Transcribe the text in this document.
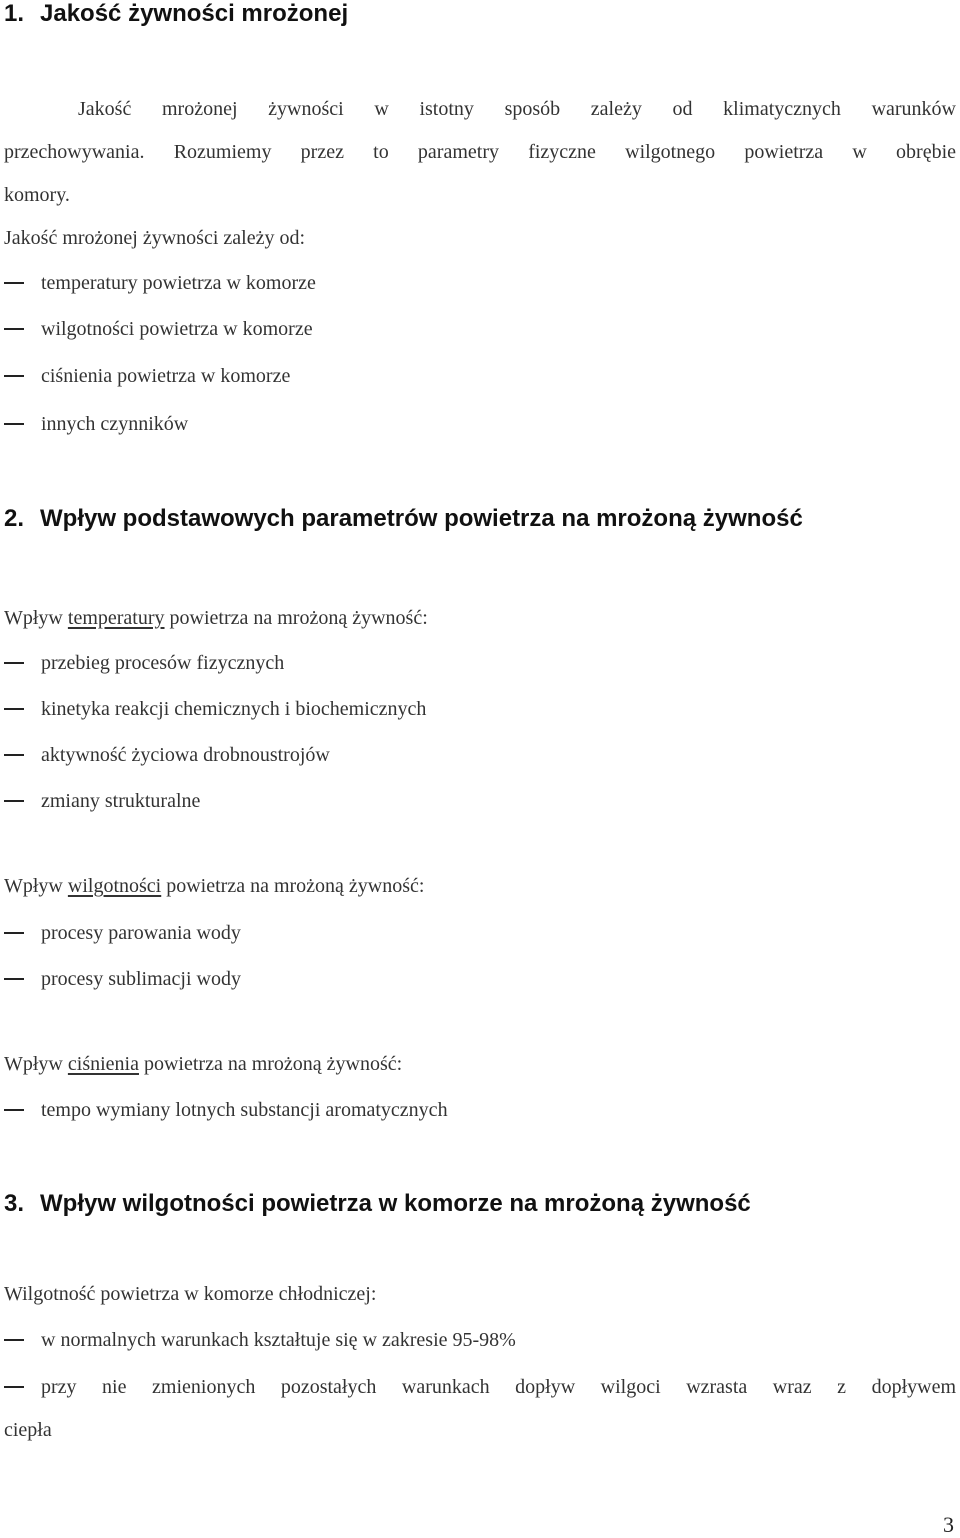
1. Jakość żywności mrożonej

Jakość mrożonej żywności w istotny sposób zależy od klimatycznych warunków

przechowywania. Rozumiemy przez to parametry fizyczne wilgotnego powietrza w obrębie

komory.

Jakość mrożonej żywności zależy od:

temperatury powietrza w komorze
wilgotności powietrza w komorze
ciśnienia powietrza w komorze
innych czynników
2. Wpływ podstawowych parametrów powietrza na mrożoną żywność

Wpływ temperatury powietrza na mrożoną żywność:

przebieg procesów fizycznych
kinetyka reakcji chemicznych i biochemicznych
aktywność życiowa drobnoustrojów
zmiany strukturalne

Wpływ wilgotności powietrza na mrożoną żywność:

procesy parowania wody
procesy sublimacji wody

Wpływ ciśnienia powietrza na mrożoną żywność:

tempo wymiany lotnych substancji aromatycznych
3. Wpływ wilgotności powietrza w komorze na mrożoną żywność

Wilgotność powietrza w komorze chłodniczej:

w normalnych warunkach kształtuje się w zakresie 95-98%
przy nie zmienionych pozostałych warunkach dopływ wilgoci wzrasta wraz z dopływem

ciepła

3
